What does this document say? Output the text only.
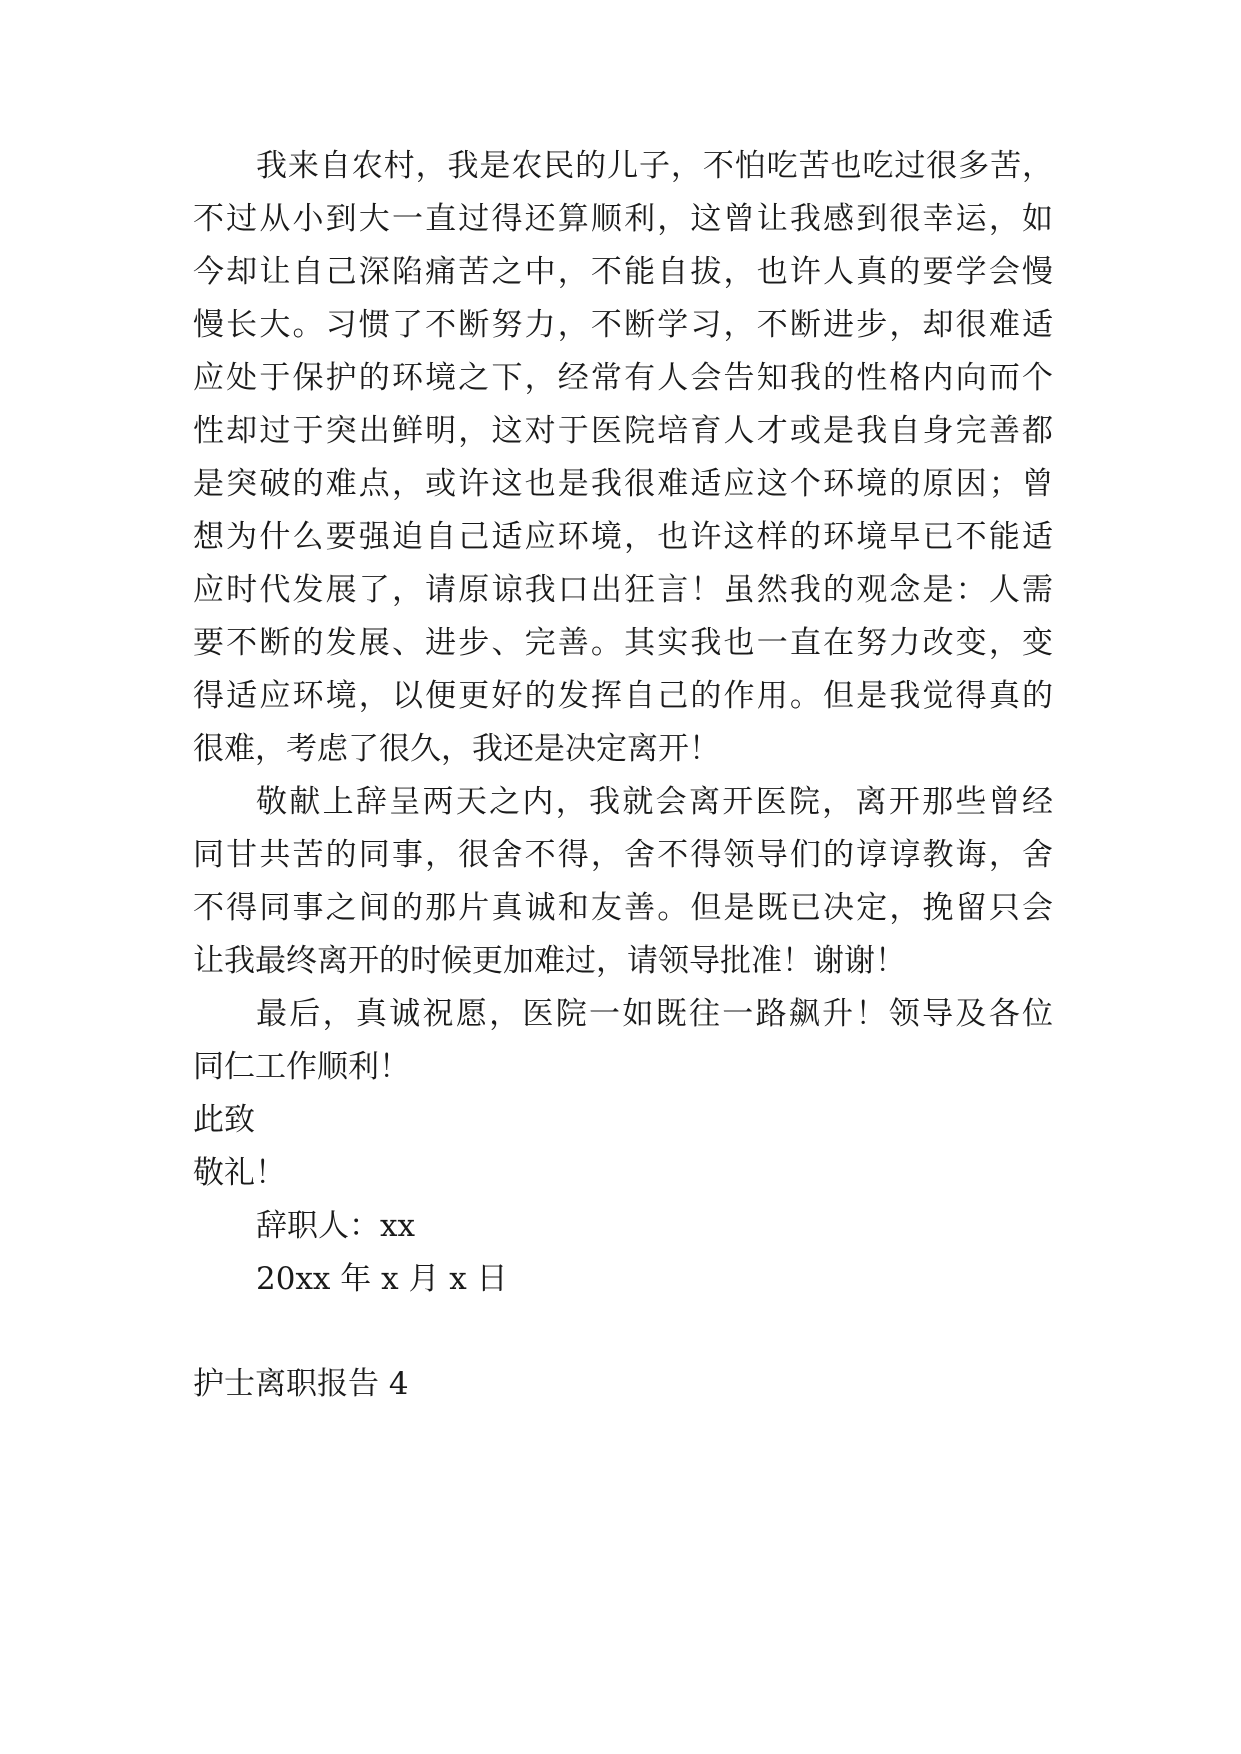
我来自农村，我是农民的儿子，不怕吃苦也吃过很多苦，
不过从小到大一直过得还算顺利，这曾让我感到很幸运，如
今却让自己深陷痛苦之中，不能自拔，也许人真的要学会慢
慢长大。习惯了不断努力，不断学习，不断进步，却很难适
应处于保护的环境之下，经常有人会告知我的性格内向而个
性却过于突出鲜明，这对于医院培育人才或是我自身完善都
是突破的难点，或许这也是我很难适应这个环境的原因；曾
想为什么要强迫自己适应环境，也许这样的环境早已不能适
应时代发展了，请原谅我口出狂言！虽然我的观念是：人需
要不断的发展、进步、完善。其实我也一直在努力改变，变
得适应环境，以便更好的发挥自己的作用。但是我觉得真的
很难，考虑了很久，我还是决定离开！
敬献上辞呈两天之内，我就会离开医院，离开那些曾经
同甘共苦的同事，很舍不得，舍不得领导们的谆谆教诲，舍
不得同事之间的那片真诚和友善。但是既已决定，挽留只会
让我最终离开的时候更加难过，请领导批准！谢谢！
最后，真诚祝愿，医院一如既往一路飙升！领导及各位
同仁工作顺利！
此致
敬礼！
辞职人：xx
20xx 年 x 月 x 日
护士离职报告 4
